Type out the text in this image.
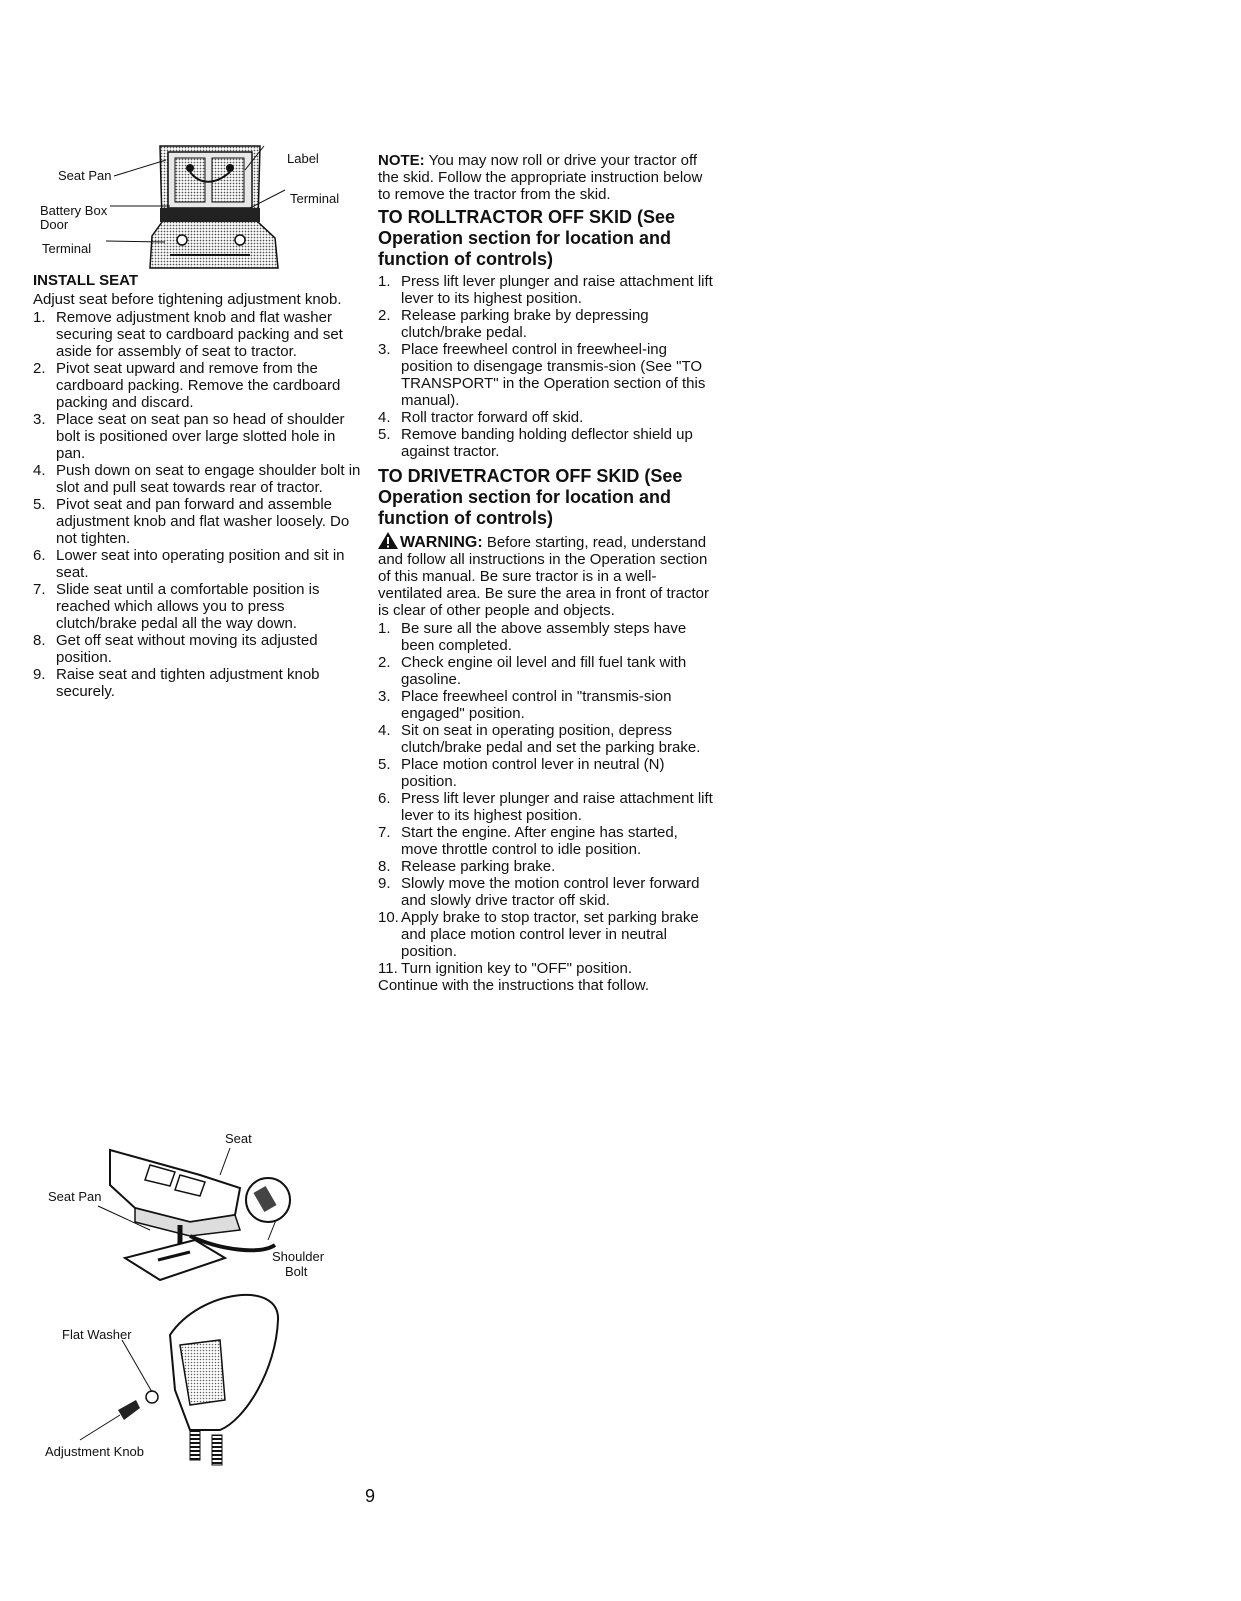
Label
Seat Pan
Terminal
Battery Box
Door
Terminal
INSTALL SEAT

Adjust seat before tightening adjustment knob.

1. Remove adjustment knob and flat washer securing seat to cardboard packing and set aside for assembly of seat to tractor.
2. Pivot seat upward and remove from the cardboard packing. Remove the cardboard packing and discard.
3. Place seat on seat pan so head of shoulder bolt is positioned over large slotted hole in pan.
4. Push down on seat to engage shoulder bolt in slot and pull seat towards rear of tractor.
5. Pivot seat and pan forward and assemble adjustment knob and flat washer loosely. Do not tighten.
6. Lower seat into operating position and sit in seat.
7. Slide seat until a comfortable position is reached which allows you to press clutch/brake pedal all the way down.
8. Get off seat without moving its adjusted position.
9. Raise seat and tighten adjustment knob securely.
Seat
Seat Pan
Shoulder
Bolt
Flat Washer
Adjustment Knob

NOTE: You may now roll or drive your tractor off the skid. Follow the appropriate instruction below to remove the tractor from the skid.

TO ROLLTRACTOR OFF SKID (See Operation section for location and function of controls)
1. Press lift lever plunger and raise attachment lift lever to its highest position.
2. Release parking brake by depressing clutch/brake pedal.
3. Place freewheel control in freewheel-ing position to disengage transmis-sion (See "TO TRANSPORT" in the Operation section of this manual).
4. Roll tractor forward off skid.
5. Remove banding holding deflector shield up against tractor.
TO DRIVETRACTOR OFF SKID (See Operation section for location and function of controls)

WARNING: Before starting, read, understand and follow all instructions in the Operation section of this manual. Be sure tractor is in a well-ventilated area. Be sure the area in front of tractor is clear of other people and objects.

1. Be sure all the above assembly steps have been completed.
2. Check engine oil level and fill fuel tank with gasoline.
3. Place freewheel control in "transmis-sion engaged" position.
4. Sit on seat in operating position, depress clutch/brake pedal and set the parking brake.
5. Place motion control lever in neutral (N) position.
6. Press lift lever plunger and raise attachment lift lever to its highest position.
7. Start the engine. After engine has started, move throttle control to idle position.
8. Release parking brake.
9. Slowly move the motion control lever forward and slowly drive tractor off skid.
10. Apply brake to stop tractor, set parking brake and place motion control lever in neutral position.
11. Turn ignition key to "OFF" position.

Continue with the instructions that follow.

9
